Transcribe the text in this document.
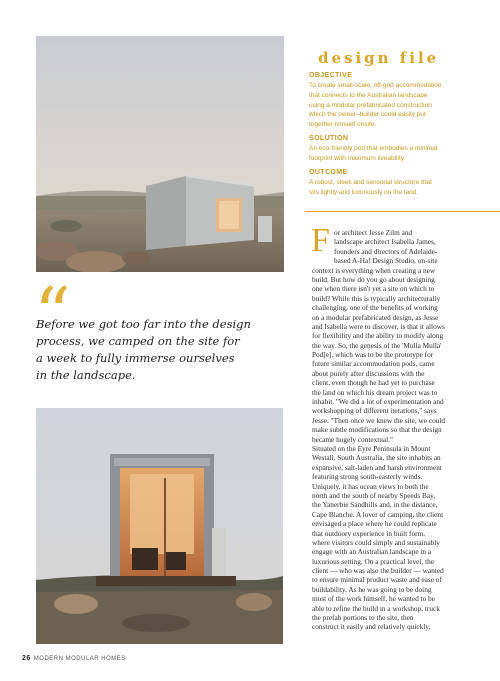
design file
OBJECTIVE
To create small-scale, off-grid accommodation
that connects to the Australian landscape
using a modular prefabricated construction
which the owner–builder could easily put
together himself onsite.
SOLUTION
An eco-friendly pod that embodies a minimal
footprint with maximum liveability.
OUTCOME
A robust, sleek and sensorial structure that
sits lightly and luxuriously on the land.
“
Before we got too far into the design
process, we camped on the site for
a week to fully immerse ourselves
in the landscape.
F or architect Jesse Zilm and
landscape architect Isabella James,
founders and directors of Adelaide-
based A-Ha! Design Studio, on-site
context is everything when creating a new
build. But how do you go about designing
one when there isn't yet a site on which to
build? While this is typically architecturally
challenging, one of the benefits of working
on a modular prefabricated design, as Jesse
and Isabella were to discover, is that it allows
for flexibility and the ability to modify along
the way. So, the genesis of the 'Mulla Mulla'
Pod[e], which was to be the prototype for
future similar accommodation pods, came
about purely after discussions with the
client, even though he had yet to purchase
the land on which his dream project was to
inhabit. "We did a lot of experimentation and
workshopping of different iterations," says
Jesse. "Then once we knew the site, we could
make subtle modifications so that the design
became hugely contextual."
Situated on the Eyre Peninsula in Mount
Westall, South Australia, the site inhabits an
expansive, salt-laden and harsh environment
featuring strong south-easterly winds.
Uniquely, it has ocean views to both the
north and the south of nearby Speeds Bay,
the Yanerbie Sandhills and, in the distance,
Cape Blanche. A lover of camping, the client
envisaged a place where he could replicate
that outdoory experience in built form,
where visitors could simply and sustainably
engage with an Australian landscape in a
luxurious setting. On a practical level, the
client — who was also the builder — wanted
to ensure minimal product waste and ease of
buildability. As he was going to be doing
most of the work himself, he wanted to be
able to refine the build in a workshop, truck
the prefab portions to the site, then
construct it easily and relatively quickly,
26 MODERN MODULAR HOMES
